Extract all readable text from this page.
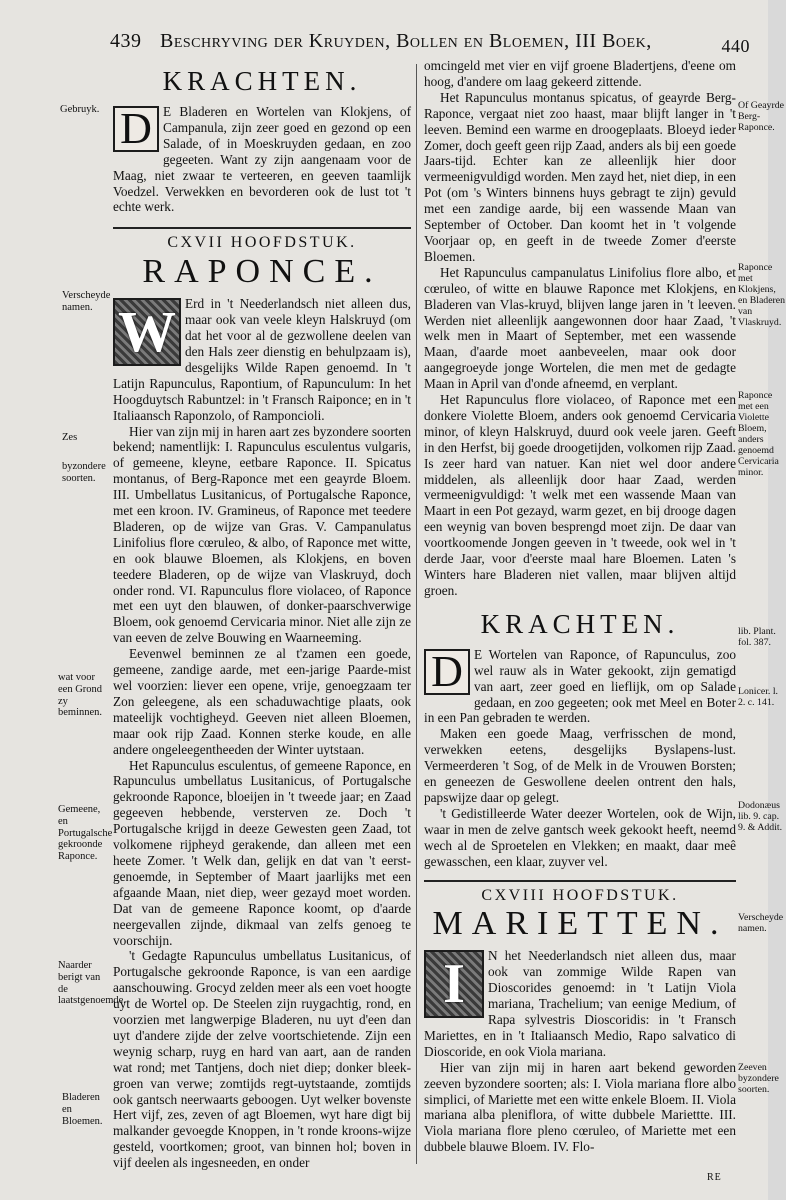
439 Beschryving der Kruyden, Bollen en Bloemen, III Boek,	440
KRACHTEN.

D E Bladeren en Wortelen van Klokjens, of Campanula, zijn zeer goed en gezond op een Salade, of in Moeskruyden gedaan, en zoo gegeeten. Want zy zijn aangenaam voor de Maag, niet zwaar te verteeren, en geeven taamlijk Voedzel. Verwekken en bevorderen ook de lust tot 't echte werk.

CXVII HOOFDSTUK.
RAPONCE.

W Erd in 't Neederlandsch niet alleen dus, maar ook van veele kleyn Halskruyd (om dat het voor al de gezwollene deelen van den Hals zeer dienstig en behulpzaam is), desgelijks Wilde Rapen genoemd. In 't Latijn Rapunculus, Rapontium, of Rapunculum: In het Hoogduytsch Rabuntzel: in 't Fransch Raiponce; en in 't Italiaansch Raponzolo, of Ramponcioli.

Hier van zijn mij in haren aart zes byzondere soorten bekend; namentlijk: I. Rapunculus esculentus vulgaris, of gemeene, kleyne, eetbare Raponce. II. Spicatus montanus, of Berg-Raponce met een geayrde Bloem. III. Umbellatus Lusitanicus, of Portugalsche Raponce, met een kroon. IV. Gramineus, of Raponce met teedere Bladeren, op de wijze van Gras. V. Campanulatus Linifolius flore cœruleo, & albo, of Raponce met witte, en ook blauwe Bloemen, als Klokjens, en boven teedere Bladeren, op de wijze van Vlaskruyd, doch onder rond. VI. Rapunculus flore violaceo, of Raponce met een uyt den blauwen, of donker-paarschverwige Bloem, ook genoemd Cervicaria minor. Niet alle zijn ze van eeven de zelve Bouwing en Waarneeming.

Eevenwel beminnen ze al t'zamen een goede, gemeene, zandige aarde, met een-jarige Paarde-mist wel voorzien: liever een opene, vrije, genoegzaam ter Zon geleegene, als een schaduwachtige plaats, ook mateelijk vochtigheyd. Geeven niet alleen Bloemen, maar ook rijp Zaad. Konnen sterke koude, en alle andere ongeleegentheeden der Winter uytstaan.

Het Rapunculus esculentus, of gemeene Raponce, en Rapunculus umbellatus Lusitanicus, of Portugalsche gekroonde Raponce, bloeijen in 't tweede jaar; en Zaad gegeeven hebbende, versterven ze. Doch 't Portugalsche krijgd in deeze Gewesten geen Zaad, tot volkomene rijpheyd gerakende, dan alleen met een heete Zomer. 't Welk dan, gelijk en dat van 't eerst-genoemde, in September of Maart jaarlijks met een afgaande Maan, niet diep, weer gezayd moet worden. Dat van de gemeene Raponce koomt, op d'aarde neergevallen zijnde, dikmaal van zelfs genoeg te voorschijn.

't Gedagte Rapunculus umbellatus Lusitanicus, of Portugalsche gekroonde Raponce, is van een aardige aanschouwing. Grocyd zelden meer als een voet hoogte uyt de Wortel op. De Steelen zijn ruygachtig, rond, en voorzien met langwerpige Bladeren, nu uyt d'een dan uyt d'andere zijde der zelve voortschietende. Zijn een weynig scharp, ruyg en hard van aart, aan de randen wat rond; met Tantjens, doch niet diep; donker bleek-groen van verwe; zomtijds regt-uytstaande, zomtijds ook gantsch neerwaarts geboogen. Uyt welker bovenste Hert vijf, zes, zeven of agt Bloemen, wyt hare digt bij malkander gevoegde Knoppen, in 't ronde kroons-wijze gesteld, voortkomen; groot, van binnen hol; boven in vijf deelen als ingesneeden, en onder

Gebruyk.
Verscheyde namen.
Zes
byzondere soorten.
wat voor een Grond zy beminnen.
Gemeene, en Portugalsche gekroonde Raponce.
Naarder berigt van de laatstgenoemde.
Bladeren en Bloemen.

omcingeld met vier en vijf groene Bladertjens, d'eene om hoog, d'andere om laag gekeerd zittende.

Het Rapunculus montanus spicatus, of geayrde Berg-Raponce, vergaat niet zoo haast, maar blijft langer in 't leeven. Bemind een warme en droogeplaats. Bloeyd ieder Zomer, doch geeft geen rijp Zaad, anders als bij een goede Jaars-tijd. Echter kan ze alleenlijk hier door vermeenigvuldigd worden. Men zayd het, niet diep, in een Pot (om 's Winters binnens huys gebragt te zijn) gevuld met een zandige aarde, bij een wassende Maan van September of October. Dan koomt het in 't volgende Voorjaar op, en geeft in de tweede Zomer d'eerste Bloemen.

Het Rapunculus campanulatus Linifolius flore albo, et cœruleo, of witte en blauwe Raponce met Klokjens, en Bladeren van Vlas-kruyd, blijven lange jaren in 't leeven. Werden niet alleenlijk aangewonnen door haar Zaad, 't welk men in Maart of September, met een wassende Maan, d'aarde moet aanbeveelen, maar ook door aangegroeyde jonge Wortelen, die men met de gedagte Maan in April van d'onde afneemd, en verplant.

Het Rapunculus flore violaceo, of Raponce met een donkere Violette Bloem, anders ook genoemd Cervicaria minor, of kleyn Halskruyd, duurd ook veele jaren. Geeft in den Herfst, bij goede droogetijden, volkomen rijp Zaad. Is zeer hard van natuer. Kan niet wel door andere middelen, als alleenlijk door haar Zaad, werden vermeenigvuldigd: 't welk met een wassende Maan van Maart in een Pot gezayd, warm gezet, en bij drooge dagen een weynig van boven besprengd moet zijn. De daar van voortkoomende Jongen geeven in 't tweede, ook wel in 't derde Jaar, voor d'eerste maal hare Bloemen. Laten 's Winters hare Bladeren niet vallen, maar blijven altijd groen.

KRACHTEN.

D E Wortelen van Raponce, of Rapunculus, zoo wel rauw als in Water gekookt, zijn gematigd van aart, zeer goed en lieflijk, om op Salade gedaan, en zoo gegeeten; ook met Meel en Boter in een Pan gebraden te werden.

Maken een goede Maag, verfrisschen de mond, verwekken eetens, desgelijks Byslapens-lust. Vermeerderen 't Sog, of de Melk in de Vrouwen Borsten; en geneezen de Geswollene deelen ontrent den hals, papswijze daar op gelegt.

't Gedistilleerde Water deezer Wortelen, ook de Wijn, waar in men de zelve gantsch week gekookt heeft, neemd wech al de Sproetelen en Vlekken; en maakt, daar meê gewasschen, een klaar, zuyver vel.

CXVIII HOOFDSTUK.
MARIETTEN.

I	N het Neederlandsch niet alleen dus, maar ook van zommige Wilde Rapen van Dioscorides genoemd: in 't Latijn Viola mariana, Trachelium; van eenige Medium, of Rapa sylvestris Dioscoridis: in 't Fransch Mariettes, en in 't Italiaansch Medio, Rapo salvatico di Dioscoride, en ook Viola mariana.

Hier van zijn mij in haren aart bekend geworden zeeven byzondere soorten; als: I. Viola mariana flore albo simplici, of Mariette met een witte enkele Bloem. II. Viola mariana alba pleniflora, of witte dubbele Mariettte. III. Viola mariana flore pleno cœruleo, of Mariette met een dubbele blauwe Bloem. IV. Flo-

Of Geayrde Berg-Raponce.
Raponce met Klokjens, en Bladeren van Vlaskruyd.
Raponce met een Violette Bloem, anders genoemd Cervicaria minor.
lib. Plant. fol. 387.
Lonicer. l. 2. c. 141.
Dodonæus lib. 9. cap. 9. & Addit.
Verscheyde namen.
Zeeven byzondere soorten.
RE
